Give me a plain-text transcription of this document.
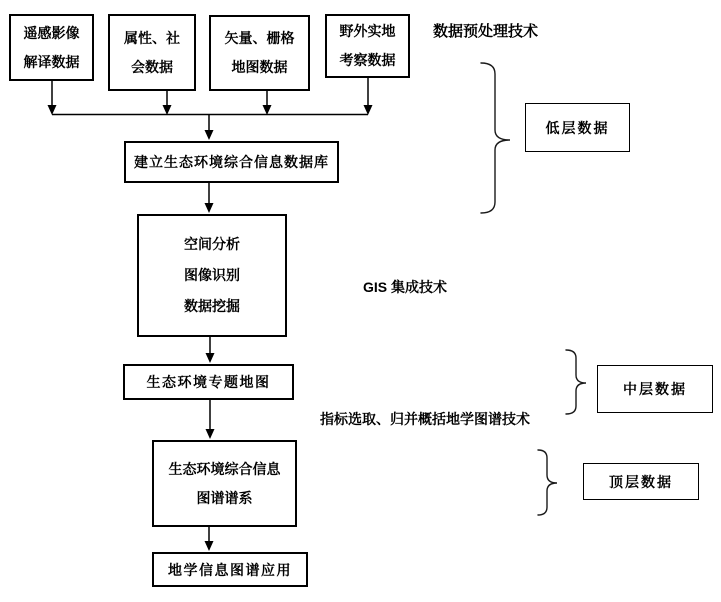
遥感影像
解译数据
属性、社
会数据
矢量、栅格
地图数据
野外实地
考察数据
建立生态环境综合信息数据库
空间分析
图像识别
数据挖掘
生态环境专题地图
生态环境综合信息
图谱谱系
地学信息图谱应用
低层数据
中层数据
顶层数据
数据预处理技术
GIS 集成技术
指标选取、归并概括地学图谱技术
